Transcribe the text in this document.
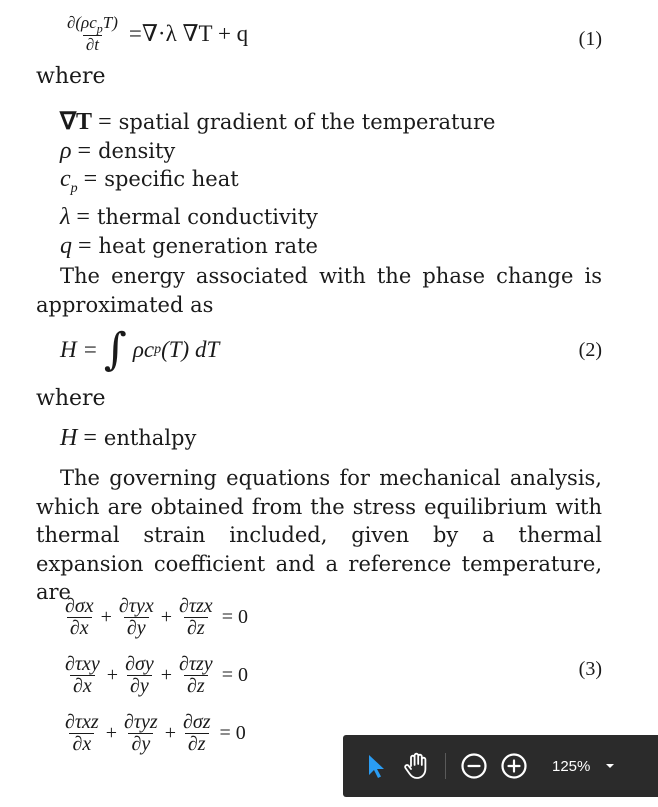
$\frac{\partial(\rho c_pT)}{\partial t} =\nabla\cdot\lambda$ ∇T + q	(1)
where
∇T = spatial gradient of the temperature
ρ = density
$c_p$ = specific heat
λ = thermal conductivity
q = heat generation rate
The energy associated with the phase change is approximated as
H = ∫ ρc p (T) dT	(2)
where
H = enthalpy
The governing equations for mechanical analysis, which are obtained from the stress equilibrium with thermal strain included, given by a thermal expansion coefficient and a reference temperature, are
$\frac{\partial\sigma x}{\partial x} + \frac{\text{∂τyx}}{\partial y} + \frac{\text{∂τzx}}{\partial z} = 0$
$\frac{\text{∂τxy}}{\partial x} + \frac{\partial\sigma y}{\partial y} + \frac{\text{∂τzy}}{\partial z} = 0$
$\frac{\text{∂τxz}}{\partial x} + \frac{\text{∂τyz}}{\partial y} + \frac{\partial\sigma z}{\partial z} = 0$
(3)
125%
